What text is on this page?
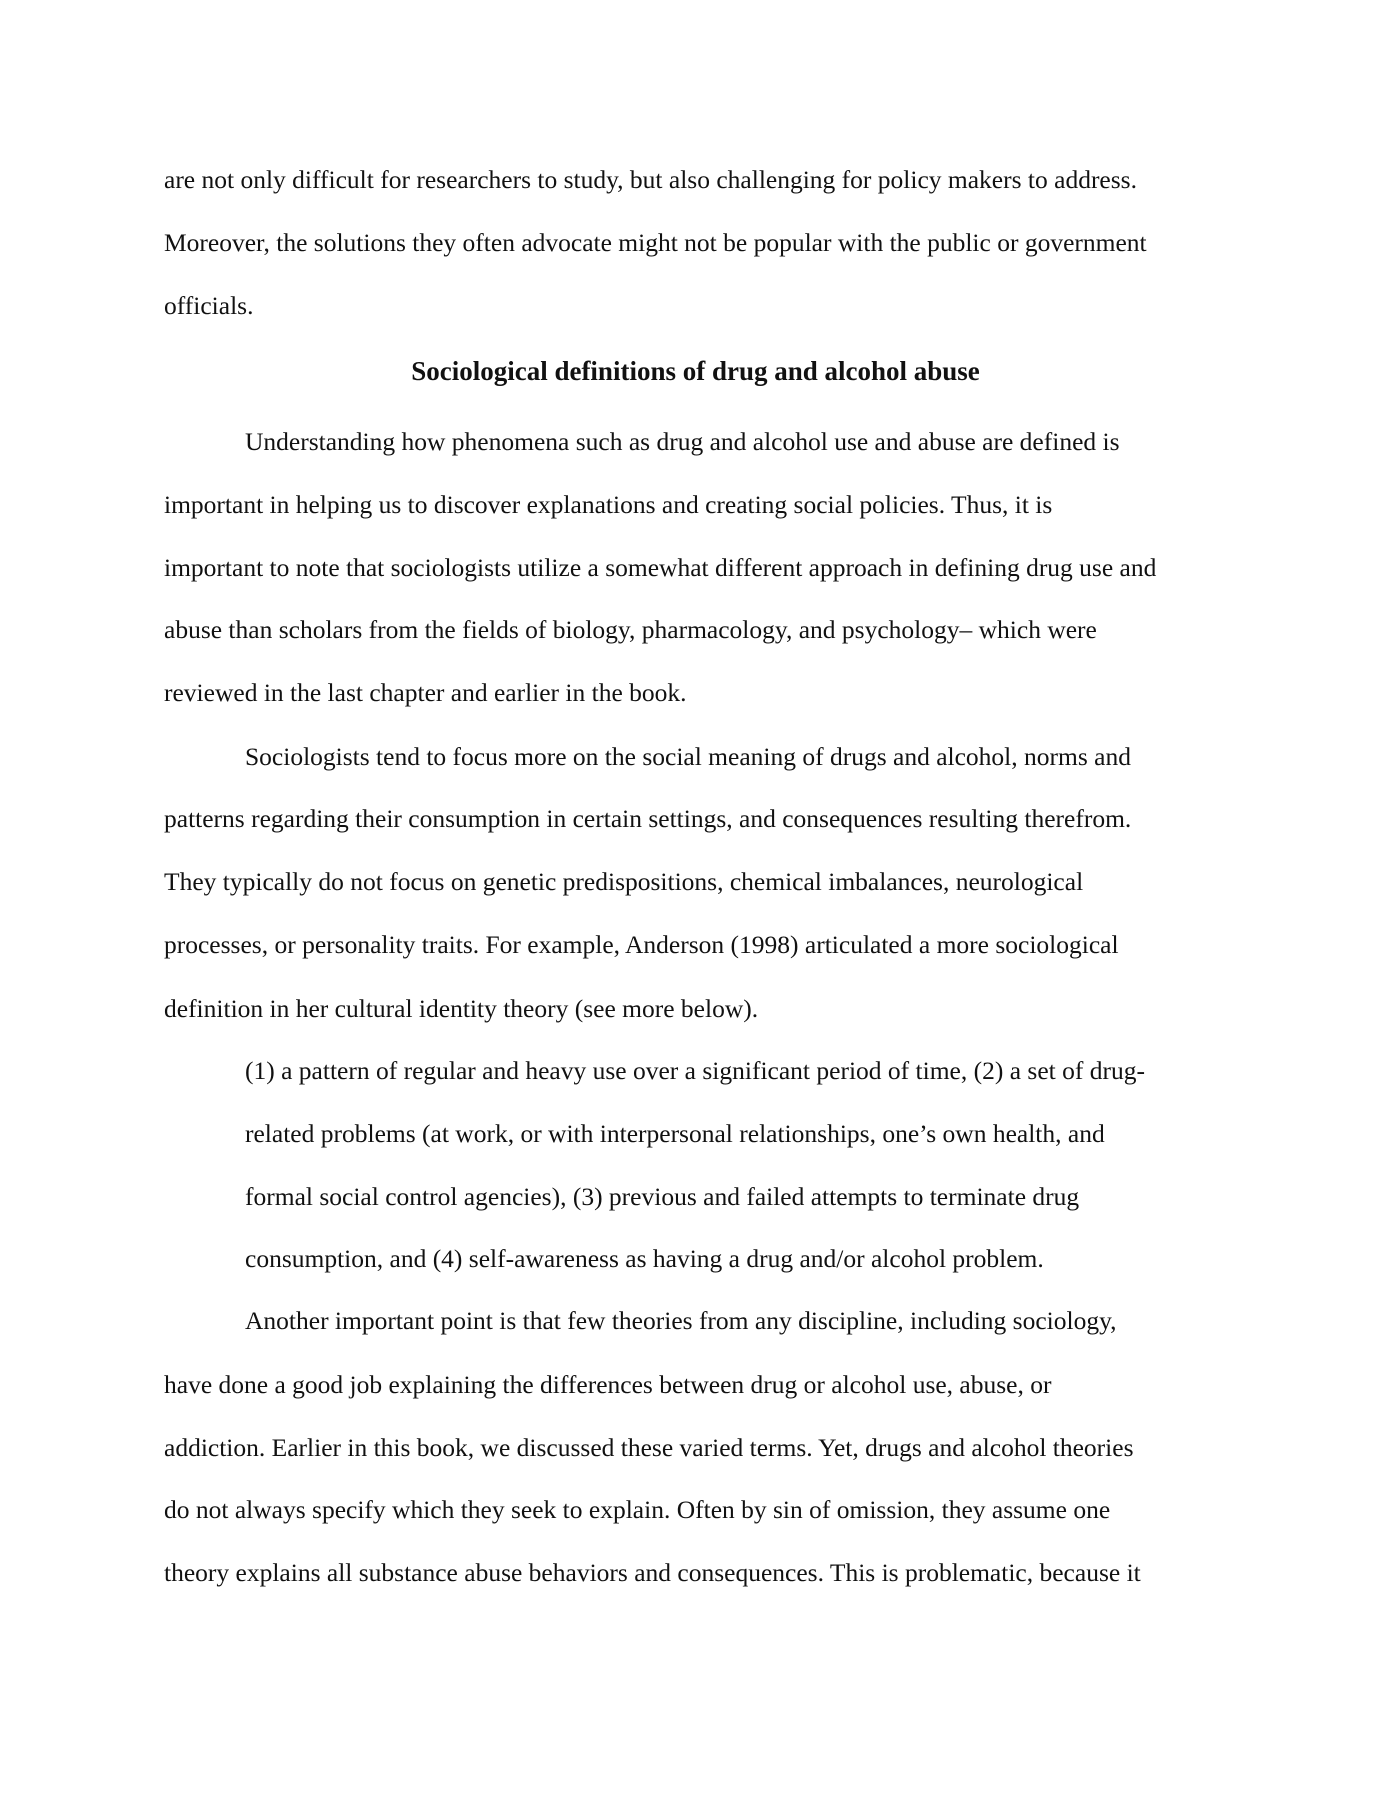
are not only difficult for researchers to study, but also challenging for policy makers to address.
Moreover, the solutions they often advocate might not be popular with the public or government
officials.
Sociological definitions of drug and alcohol abuse
Understanding how phenomena such as drug and alcohol use and abuse are defined is
important in helping us to discover explanations and creating social policies. Thus, it is
important to note that sociologists utilize a somewhat different approach in defining drug use and
abuse than scholars from the fields of biology, pharmacology, and psychology– which were
reviewed in the last chapter and earlier in the book.
Sociologists tend to focus more on the social meaning of drugs and alcohol, norms and
patterns regarding their consumption in certain settings, and consequences resulting therefrom.
They typically do not focus on genetic predispositions, chemical imbalances, neurological
processes, or personality traits. For example, Anderson (1998) articulated a more sociological
definition in her cultural identity theory (see more below).
(1) a pattern of regular and heavy use over a significant period of time, (2) a set of drug-
related problems (at work, or with interpersonal relationships, one’s own health, and
formal social control agencies), (3) previous and failed attempts to terminate drug
consumption, and (4) self-awareness as having a drug and/or alcohol problem.
Another important point is that few theories from any discipline, including sociology,
have done a good job explaining the differences between drug or alcohol use, abuse, or
addiction. Earlier in this book, we discussed these varied terms. Yet, drugs and alcohol theories
do not always specify which they seek to explain. Often by sin of omission, they assume one
theory explains all substance abuse behaviors and consequences. This is problematic, because it
